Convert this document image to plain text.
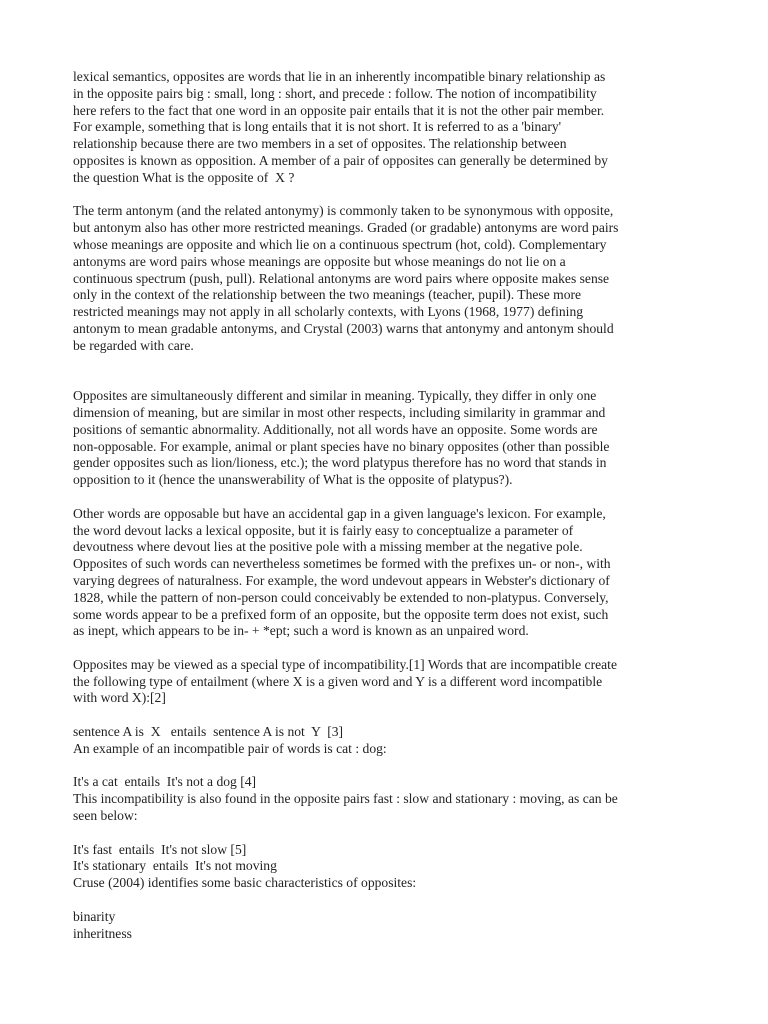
lexical semantics, opposites are words that lie in an inherently incompatible binary relationship as
in the opposite pairs big : small, long : short, and precede : follow. The notion of incompatibility
here refers to the fact that one word in an opposite pair entails that it is not the other pair member.
For example, something that is long entails that it is not short. It is referred to as a 'binary'
relationship because there are two members in a set of opposites. The relationship between
opposites is known as opposition. A member of a pair of opposites can generally be determined by
the question What is the opposite of  X ?
The term antonym (and the related antonymy) is commonly taken to be synonymous with opposite,
but antonym also has other more restricted meanings. Graded (or gradable) antonyms are word pairs
whose meanings are opposite and which lie on a continuous spectrum (hot, cold). Complementary
antonyms are word pairs whose meanings are opposite but whose meanings do not lie on a
continuous spectrum (push, pull). Relational antonyms are word pairs where opposite makes sense
only in the context of the relationship between the two meanings (teacher, pupil). These more
restricted meanings may not apply in all scholarly contexts, with Lyons (1968, 1977) defining
antonym to mean gradable antonyms, and Crystal (2003) warns that antonymy and antonym should
be regarded with care.
Opposites are simultaneously different and similar in meaning. Typically, they differ in only one
dimension of meaning, but are similar in most other respects, including similarity in grammar and
positions of semantic abnormality. Additionally, not all words have an opposite. Some words are
non-opposable. For example, animal or plant species have no binary opposites (other than possible
gender opposites such as lion/lioness, etc.); the word platypus therefore has no word that stands in
opposition to it (hence the unanswerability of What is the opposite of platypus?).
Other words are opposable but have an accidental gap in a given language's lexicon. For example,
the word devout lacks a lexical opposite, but it is fairly easy to conceptualize a parameter of
devoutness where devout lies at the positive pole with a missing member at the negative pole.
Opposites of such words can nevertheless sometimes be formed with the prefixes un- or non-, with
varying degrees of naturalness. For example, the word undevout appears in Webster's dictionary of
1828, while the pattern of non-person could conceivably be extended to non-platypus. Conversely,
some words appear to be a prefixed form of an opposite, but the opposite term does not exist, such
as inept, which appears to be in- + *ept; such a word is known as an unpaired word.
Opposites may be viewed as a special type of incompatibility.[1] Words that are incompatible create
the following type of entailment (where X is a given word and Y is a different word incompatible
with word X):[2]
sentence A is  X   entails  sentence A is not  Y  [3]
An example of an incompatible pair of words is cat : dog:
It's a cat  entails  It's not a dog [4]
This incompatibility is also found in the opposite pairs fast : slow and stationary : moving, as can be
seen below:
It's fast  entails  It's not slow [5]
It's stationary  entails  It's not moving
Cruse (2004) identifies some basic characteristics of opposites:
binarity
inheritness
